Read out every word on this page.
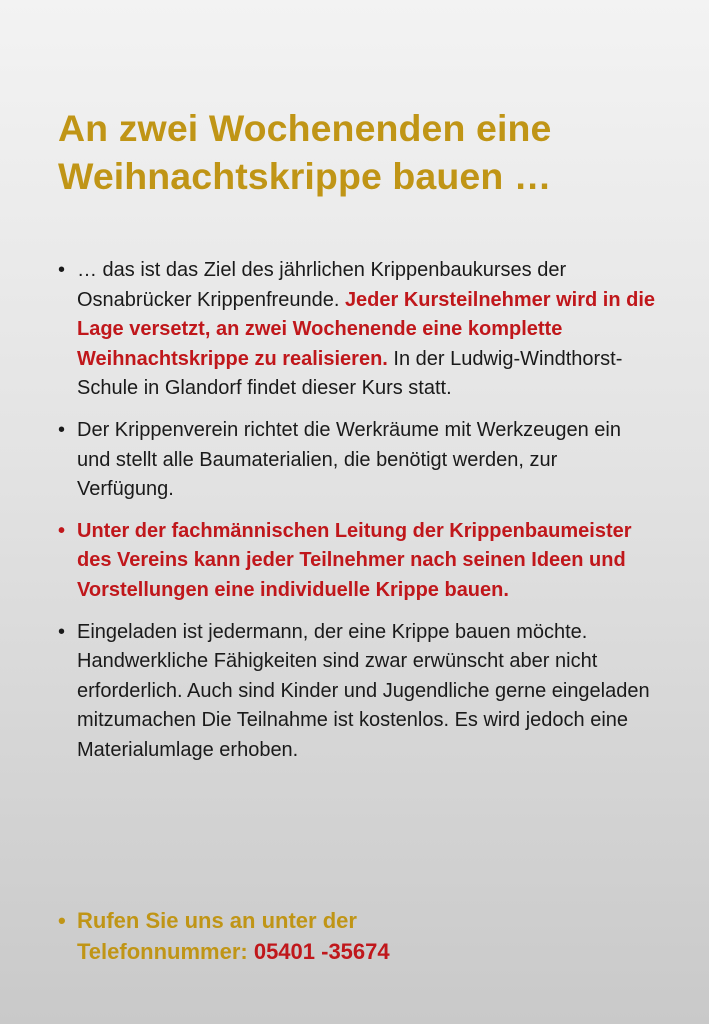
An zwei Wochenenden eine
Weihnachtskrippe bauen …
• … das ist das Ziel des jährlichen Krippenbaukurses der Osnabrücker Krippenfreunde. Jeder Kursteilnehmer wird in die Lage versetzt, an zwei Wochenende eine komplette Weihnachtskrippe zu realisieren. In der Ludwig-Windthorst-Schule in Glandorf findet dieser Kurs statt.
• Der Krippenverein richtet die Werkräume mit Werkzeugen ein und stellt alle Baumaterialien, die benötigt werden, zur Verfügung.
• Unter der fachmännischen Leitung der Krippenbaumeister des Vereins kann jeder Teilnehmer nach seinen Ideen und Vorstellungen eine individuelle Krippe bauen.
• Eingeladen ist jedermann, der eine Krippe bauen möchte. Handwerkliche Fähigkeiten sind zwar erwünscht aber nicht erforderlich. Auch sind Kinder und Jugendliche gerne eingeladen mitzumachen Die Teilnahme ist kostenlos. Es wird jedoch eine Materialumlage erhoben.
• Rufen Sie uns an unter der
Telefonnummer: 05401 -35674
